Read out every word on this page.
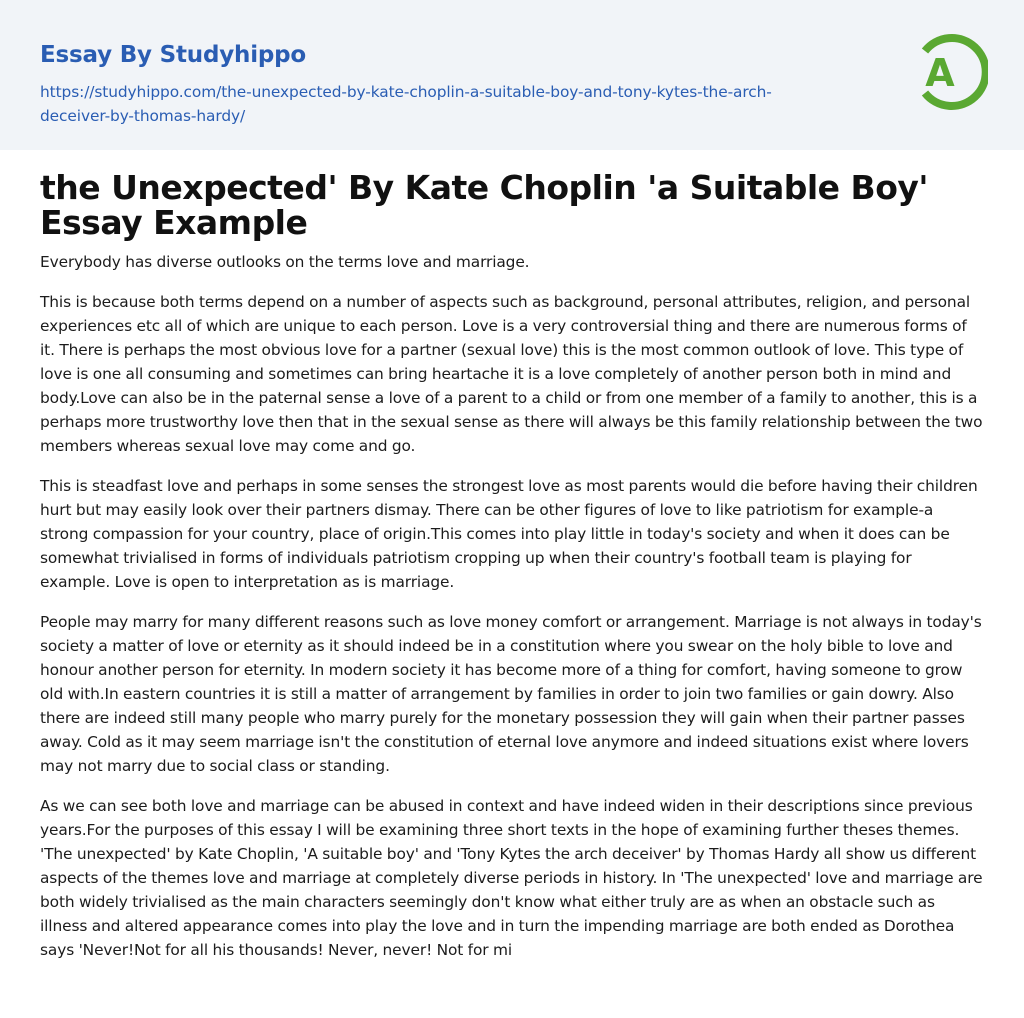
Essay By Studyhippo
https://studyhippo.com/the-unexpected-by-kate-choplin-a-suitable-boy-and-tony-kytes-the-arch-deceiver-by-thomas-hardy/
A
the Unexpected' By Kate Choplin 'a Suitable Boy' Essay Example

Everybody has diverse outlooks on the terms love and marriage.

This is because both terms depend on a number of aspects such as background, personal attributes, religion, and personal experiences etc all of which are unique to each person. Love is a very controversial thing and there are numerous forms of it. There is perhaps the most obvious love for a partner (sexual love) this is the most common outlook of love. This type of love is one all consuming and sometimes can bring heartache it is a love completely of another person both in mind and body.Love can also be in the paternal sense a love of a parent to a child or from one member of a family to another, this is a perhaps more trustworthy love then that in the sexual sense as there will always be this family relationship between the two members whereas sexual love may come and go.

This is steadfast love and perhaps in some senses the strongest love as most parents would die before having their children hurt but may easily look over their partners dismay. There can be other figures of love to like patriotism for example-a strong compassion for your country, place of origin.This comes into play little in today's society and when it does can be somewhat trivialised in forms of individuals patriotism cropping up when their country's football team is playing for example. Love is open to interpretation as is marriage.

People may marry for many different reasons such as love money comfort or arrangement. Marriage is not always in today's society a matter of love or eternity as it should indeed be in a constitution where you swear on the holy bible to love and honour another person for eternity. In modern society it has become more of a thing for comfort, having someone to grow old with.In eastern countries it is still a matter of arrangement by families in order to join two families or gain dowry. Also there are indeed still many people who marry purely for the monetary possession they will gain when their partner passes away. Cold as it may seem marriage isn't the constitution of eternal love anymore and indeed situations exist where lovers may not marry due to social class or standing.

As we can see both love and marriage can be abused in context and have indeed widen in their descriptions since previous years.For the purposes of this essay I will be examining three short texts in the hope of examining further theses themes. 'The unexpected' by Kate Choplin, 'A suitable boy' and 'Tony Kytes the arch deceiver' by Thomas Hardy all show us different aspects of the themes love and marriage at completely diverse periods in history. In 'The unexpected' love and marriage are both widely trivialised as the main characters seemingly don't know what either truly are as when an obstacle such as illness and altered appearance comes into play the love and in turn the impending marriage are both ended as Dorothea says 'Never!Not for all his thousands! Never, never! Not for mi
